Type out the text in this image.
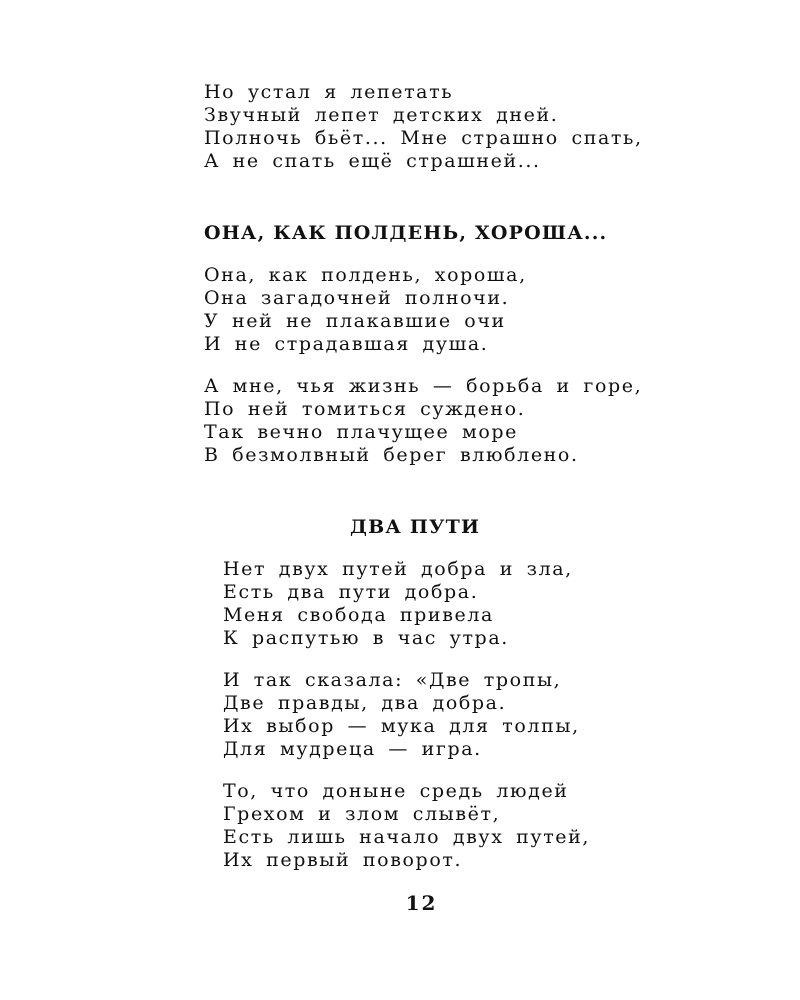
Но устал я лепетать
Звучный лепет детских дней.
Полночь бьёт... Мне страшно спать,
А не спать ещё страшней...
ОНА, КАК ПОЛДЕНЬ, ХОРОША...
Она, как полдень, хороша,
Она загадочней полночи.
У ней не плакавшие очи
И не страдавшая душа.
А мне, чья жизнь — борьба и горе,
По ней томиться суждено.
Так вечно плачущее море
В безмолвный берег влюблено.
ДВА ПУТИ
Нет двух путей добра и зла,
Есть два пути добра.
Меня свобода привела
К распутью в час утра.
И так сказала: «Две тропы,
Две правды, два добра.
Их выбор — мука для толпы,
Для мудреца — игра.
То, что доныне средь людей
Грехом и злом слывёт,
Есть лишь начало двух путей,
Их первый поворот.
12
